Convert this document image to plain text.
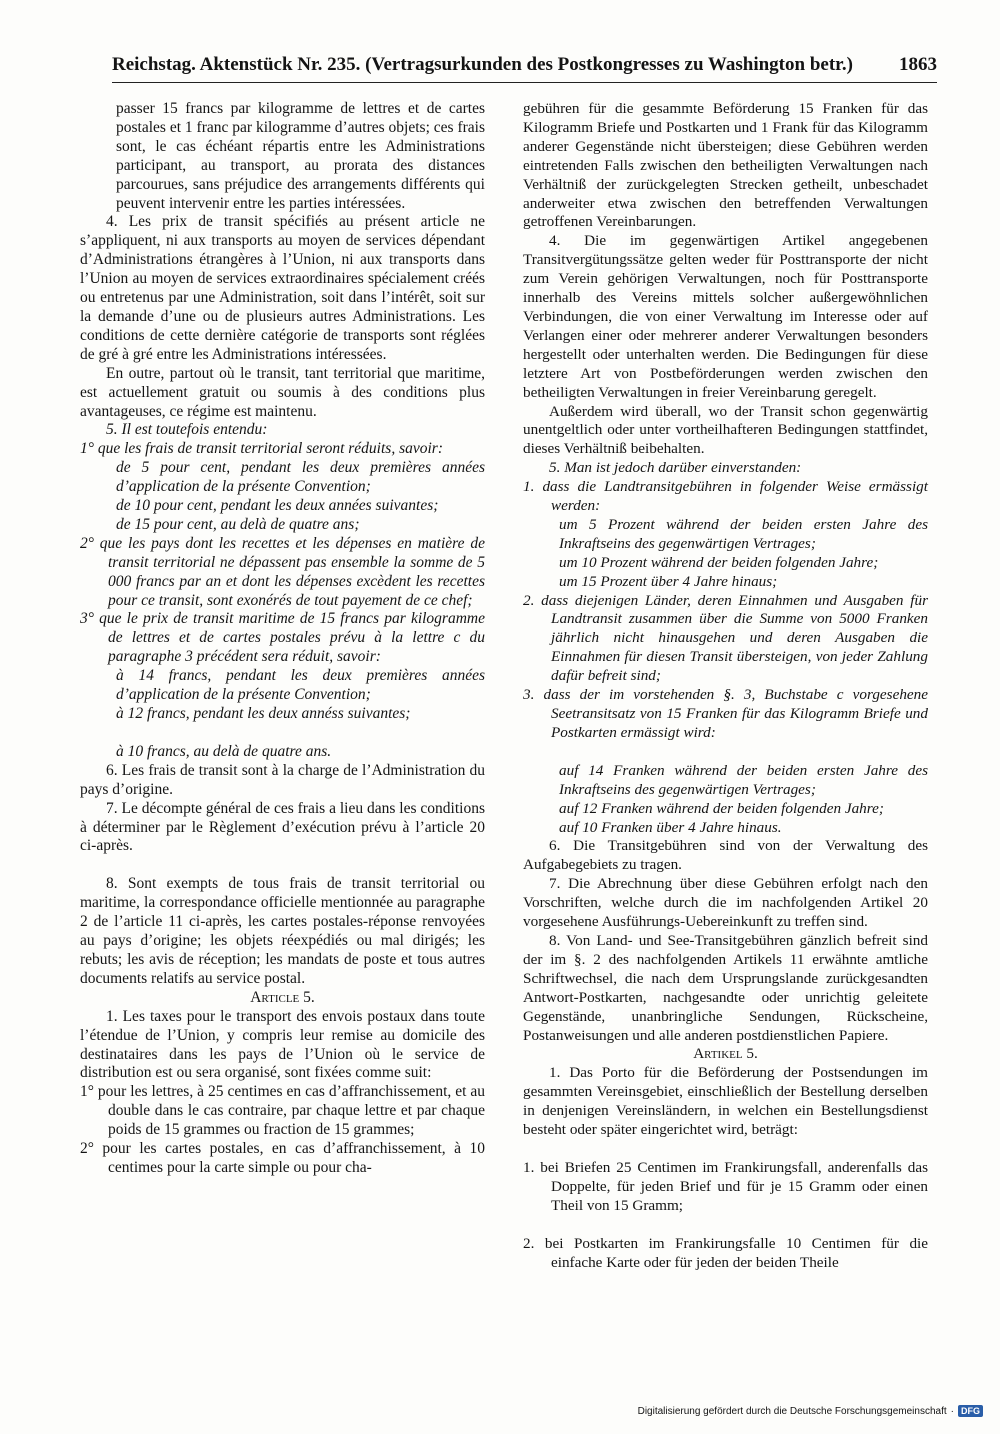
Reichstag. Aktenstück Nr. 235. (Vertragsurkunden des Postkongresses zu Washington betr.) 1863

passer 15 francs par kilogramme de lettres et de cartes postales et 1 franc par kilogramme d’autres objets; ces frais sont, le cas échéant répartis entre les Administrations participant, au transport, au prorata des distances parcourues, sans préjudice des arrangements différents qui peuvent intervenir entre les parties intéressées.

4. Les prix de transit spécifiés au présent article ne s’appliquent, ni aux transports au moyen de services dépendant d’Administrations étrangères à l’Union, ni aux transports dans l’Union au moyen de services extraordinaires spécialement créés ou entretenus par une Administration, soit dans l’intérêt, soit sur la demande d’une ou de plusieurs autres Administrations. Les conditions de cette dernière catégorie de transports sont réglées de gré à gré entre les Administrations intéressées.

En outre, partout où le transit, tant territorial que maritime, est actuellement gratuit ou soumis à des conditions plus avantageuses, ce régime est maintenu.

5. Il est toutefois entendu:

1° que les frais de transit territorial seront réduits, savoir:

de 5 pour cent, pendant les deux premières années d’application de la présente Convention;

de 10 pour cent, pendant les deux années suivantes;

de 15 pour cent, au delà de quatre ans;

2° que les pays dont les recettes et les dépenses en matière de transit territorial ne dépassent pas ensemble la somme de 5 000 francs par an et dont les dépenses excèdent les recettes pour ce transit, sont exonérés de tout payement de ce chef;

3° que le prix de transit maritime de 15 francs par kilogramme de lettres et de cartes postales prévu à la lettre c du paragraphe 3 précédent sera réduit, savoir:

à 14 francs, pendant les deux premières années d’application de la présente Convention;

à 12 francs, pendant les deux annéss suivantes;

à 10 francs, au delà de quatre ans.

6. Les frais de transit sont à la charge de l’Administration du pays d’origine.

7. Le décompte général de ces frais a lieu dans les conditions à déterminer par le Règlement d’exécution prévu à l’article 20 ci-après.

8. Sont exempts de tous frais de transit territorial ou maritime, la correspondance officielle mentionnée au paragraphe 2 de l’article 11 ci-après, les cartes postales-réponse renvoyées au pays d’origine; les objets réexpédiés ou mal dirigés; les rebuts; les avis de réception; les mandats de poste et tous autres documents relatifs au service postal.

Article 5.

1. Les taxes pour le transport des envois postaux dans toute l’étendue de l’Union, y compris leur remise au domicile des destinataires dans les pays de l’Union où le service de distribution est ou sera organisé, sont fixées comme suit:

1° pour les lettres, à 25 centimes en cas d’affranchissement, et au double dans le cas contraire, par chaque lettre et par chaque poids de 15 grammes ou fraction de 15 grammes;

2° pour les cartes postales, en cas d’affranchissement, à 10 centimes pour la carte simple ou pour cha-

gebühren für die gesammte Beförderung 15 Franken für das Kilogramm Briefe und Postkarten und 1 Frank für das Kilogramm anderer Gegenstände nicht übersteigen; diese Gebühren werden eintretenden Falls zwischen den betheiligten Verwaltungen nach Verhältniß der zurückgelegten Strecken getheilt, unbeschadet anderweiter etwa zwischen den betreffenden Verwaltungen getroffenen Vereinbarungen.

4. Die im gegenwärtigen Artikel angegebenen Transitvergütungssätze gelten weder für Posttransporte der nicht zum Verein gehörigen Verwaltungen, noch für Posttransporte innerhalb des Vereins mittels solcher außergewöhnlichen Verbindungen, die von einer Verwaltung im Interesse oder auf Verlangen einer oder mehrerer anderer Verwaltungen besonders hergestellt oder unterhalten werden. Die Bedingungen für diese letztere Art von Postbeförderungen werden zwischen den betheiligten Verwaltungen in freier Vereinbarung geregelt.

Außerdem wird überall, wo der Transit schon gegenwärtig unentgeltlich oder unter vortheilhafteren Bedingungen stattfindet, dieses Verhältniß beibehalten.

5. Man ist jedoch darüber einverstanden:

1. dass die Landtransitgebühren in folgender Weise ermässigt werden:

um 5 Prozent während der beiden ersten Jahre des Inkraftseins des gegenwärtigen Vertrages;

um 10 Prozent während der beiden folgenden Jahre;

um 15 Prozent über 4 Jahre hinaus;

2. dass diejenigen Länder, deren Einnahmen und Ausgaben für Landtransit zusammen über die Summe von 5000 Franken jährlich nicht hinausgehen und deren Ausgaben die Einnahmen für diesen Transit übersteigen, von jeder Zahlung dafür befreit sind;

3. dass der im vorstehenden §. 3, Buchstabe c vorgesehene Seetransitsatz von 15 Franken für das Kilogramm Briefe und Postkarten ermässigt wird:

auf 14 Franken während der beiden ersten Jahre des Inkraftseins des gegenwärtigen Vertrages;

auf 12 Franken während der beiden folgenden Jahre;

auf 10 Franken über 4 Jahre hinaus.

6. Die Transitgebühren sind von der Verwaltung des Aufgabegebiets zu tragen.

7. Die Abrechnung über diese Gebühren erfolgt nach den Vorschriften, welche durch die im nachfolgenden Artikel 20 vorgesehene Ausführungs-Uebereinkunft zu treffen sind.

8. Von Land- und See-Transitgebühren gänzlich befreit sind der im §. 2 des nachfolgenden Artikels 11 erwähnte amtliche Schriftwechsel, die nach dem Ursprungslande zurückgesandten Antwort-Postkarten, nachgesandte oder unrichtig geleitete Gegenstände, unanbringliche Sendungen, Rückscheine, Postanweisungen und alle anderen postdienstlichen Papiere.

Artikel 5.

1. Das Porto für die Beförderung der Postsendungen im gesammten Vereinsgebiet, einschließlich der Bestellung derselben in denjenigen Vereinsländern, in welchen ein Bestellungsdienst besteht oder später eingerichtet wird, beträgt:

1. bei Briefen 25 Centimen im Frankirungsfall, anderenfalls das Doppelte, für jeden Brief und für je 15 Gramm oder einen Theil von 15 Gramm;

2. bei Postkarten im Frankirungsfalle 10 Centimen für die einfache Karte oder für jeden der beiden Theile

Digitalisierung gefördert durch die Deutsche Forschungsgemeinschaft · DFG
